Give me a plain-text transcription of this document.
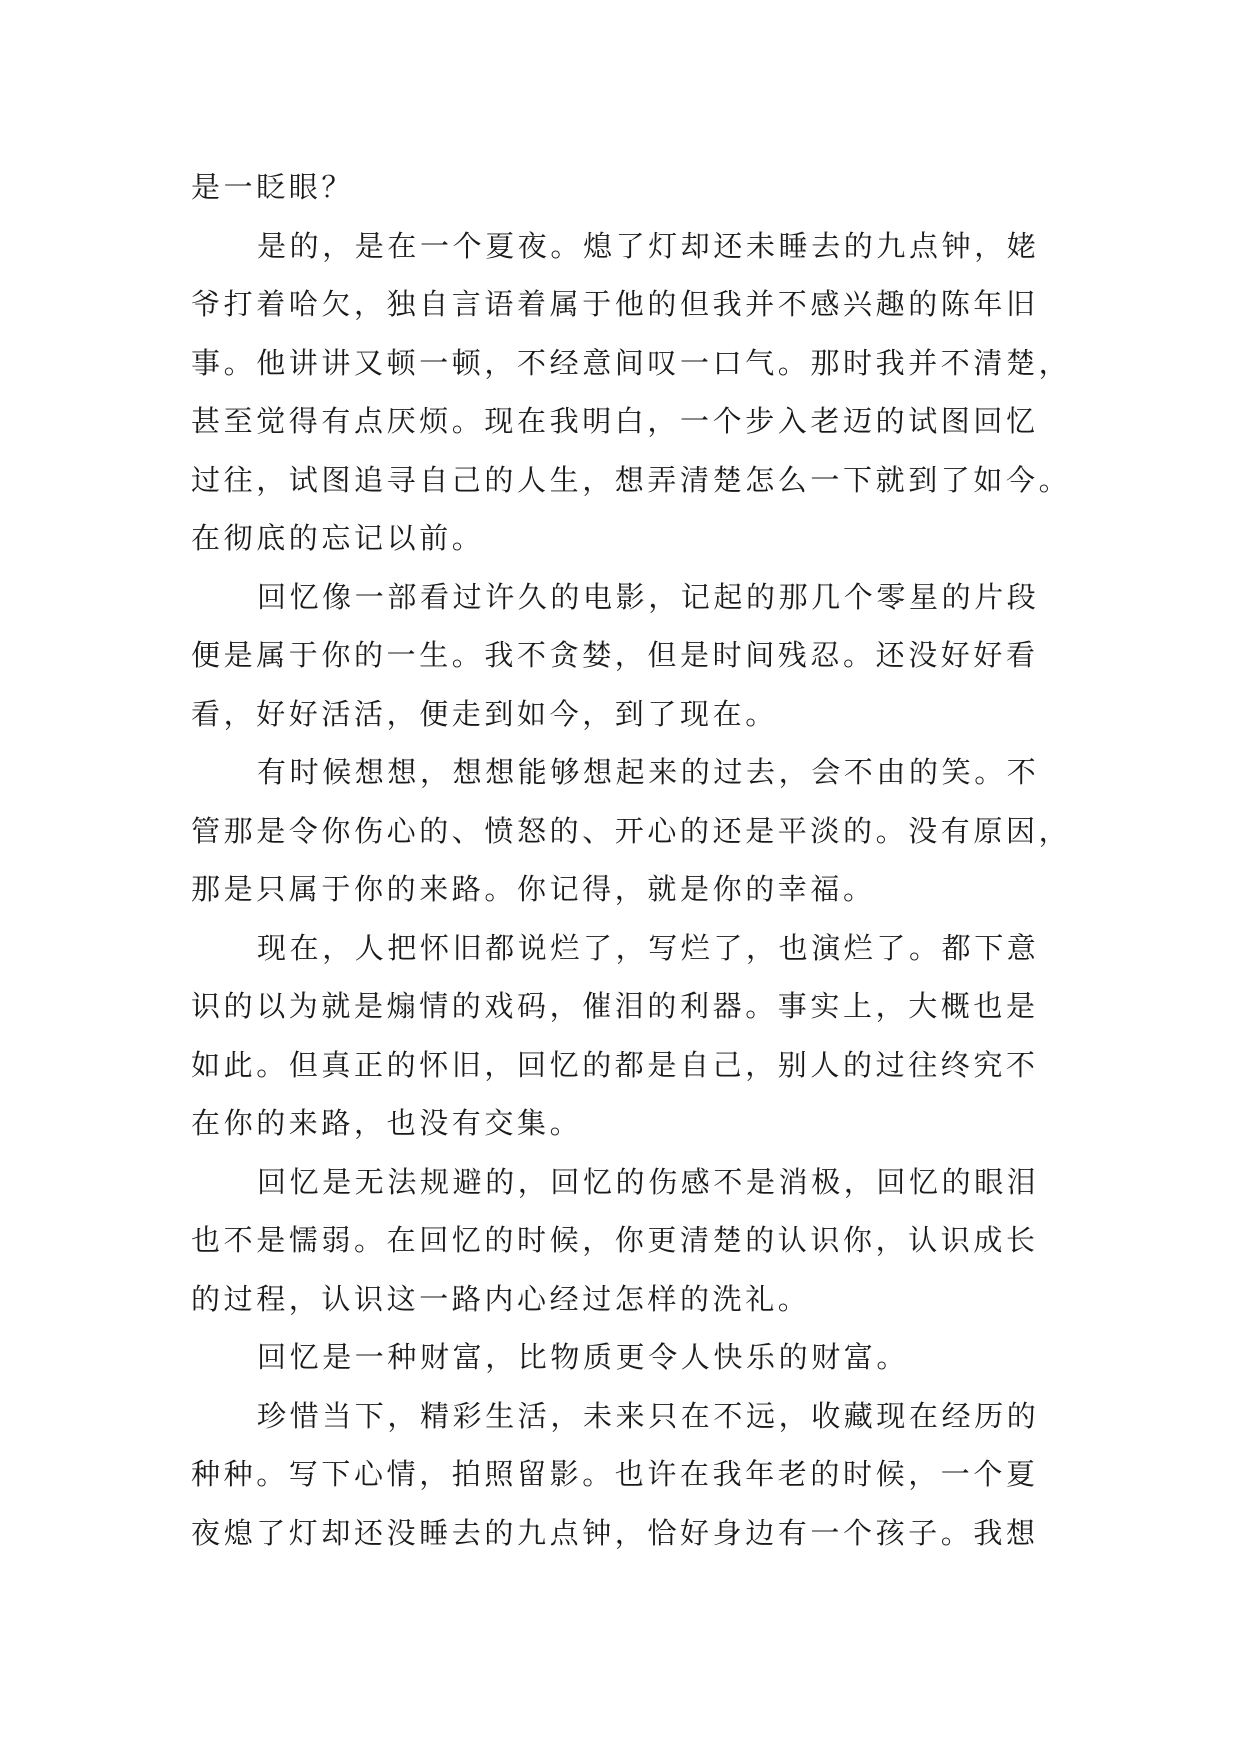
是一眨眼？
是的，是在一个夏夜。熄了灯却还未睡去的九点钟，姥
爷打着哈欠，独自言语着属于他的但我并不感兴趣的陈年旧
事。他讲讲又顿一顿，不经意间叹一口气。那时我并不清楚，
甚至觉得有点厌烦。现在我明白，一个步入老迈的试图回忆
过往，试图追寻自己的人生，想弄清楚怎么一下就到了如今。
在彻底的忘记以前。
回忆像一部看过许久的电影，记起的那几个零星的片段
便是属于你的一生。我不贪婪，但是时间残忍。还没好好看
看，好好活活，便走到如今，到了现在。
有时候想想，想想能够想起来的过去，会不由的笑。不
管那是令你伤心的、愤怒的、开心的还是平淡的。没有原因，
那是只属于你的来路。你记得，就是你的幸福。
现在，人把怀旧都说烂了，写烂了，也演烂了。都下意
识的以为就是煽情的戏码，催泪的利器。事实上，大概也是
如此。但真正的怀旧，回忆的都是自己，别人的过往终究不
在你的来路，也没有交集。
回忆是无法规避的，回忆的伤感不是消极，回忆的眼泪
也不是懦弱。在回忆的时候，你更清楚的认识你，认识成长
的过程，认识这一路内心经过怎样的洗礼。
回忆是一种财富，比物质更令人快乐的财富。
珍惜当下，精彩生活，未来只在不远，收藏现在经历的
种种。写下心情，拍照留影。也许在我年老的时候，一个夏
夜熄了灯却还没睡去的九点钟，恰好身边有一个孩子。我想
